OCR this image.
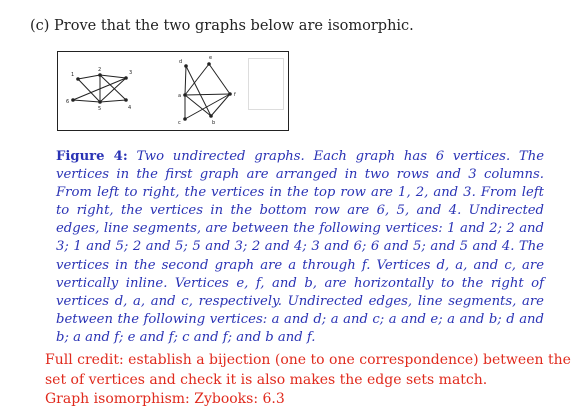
(c) Prove that the two graphs below are isomorphic.
1
2	3
6
5	4
d
a
c
e
f
b
Figure 4: Two undirected graphs. Each graph has 6 vertices. The vertices in the first graph are arranged in two rows and 3 columns. From left to right, the vertices in the top row are 1, 2, and 3. From left to right, the vertices in the bottom row are 6, 5, and 4. Undirected edges, line segments, are between the following vertices: 1 and 2; 2 and 3; 1 and 5; 2 and 5; 5 and 3; 2 and 4; 3 and 6; 6 and 5; and 5 and 4. The vertices in the second graph are a through f. Vertices d, a, and c, are vertically inline. Vertices e, f, and b, are horizontally to the right of vertices d, a, and c, respectively. Undirected edges, line segments, are between the following vertices: a and d; a and c; a and e; a and b; d and b; a and f; e and f; c and f; and b and f.
Full credit: establish a bijection (one to one correspondence) between the
set of vertices and check it is also makes the edge sets match.
Graph isomorphism: Zybooks: 6.3
